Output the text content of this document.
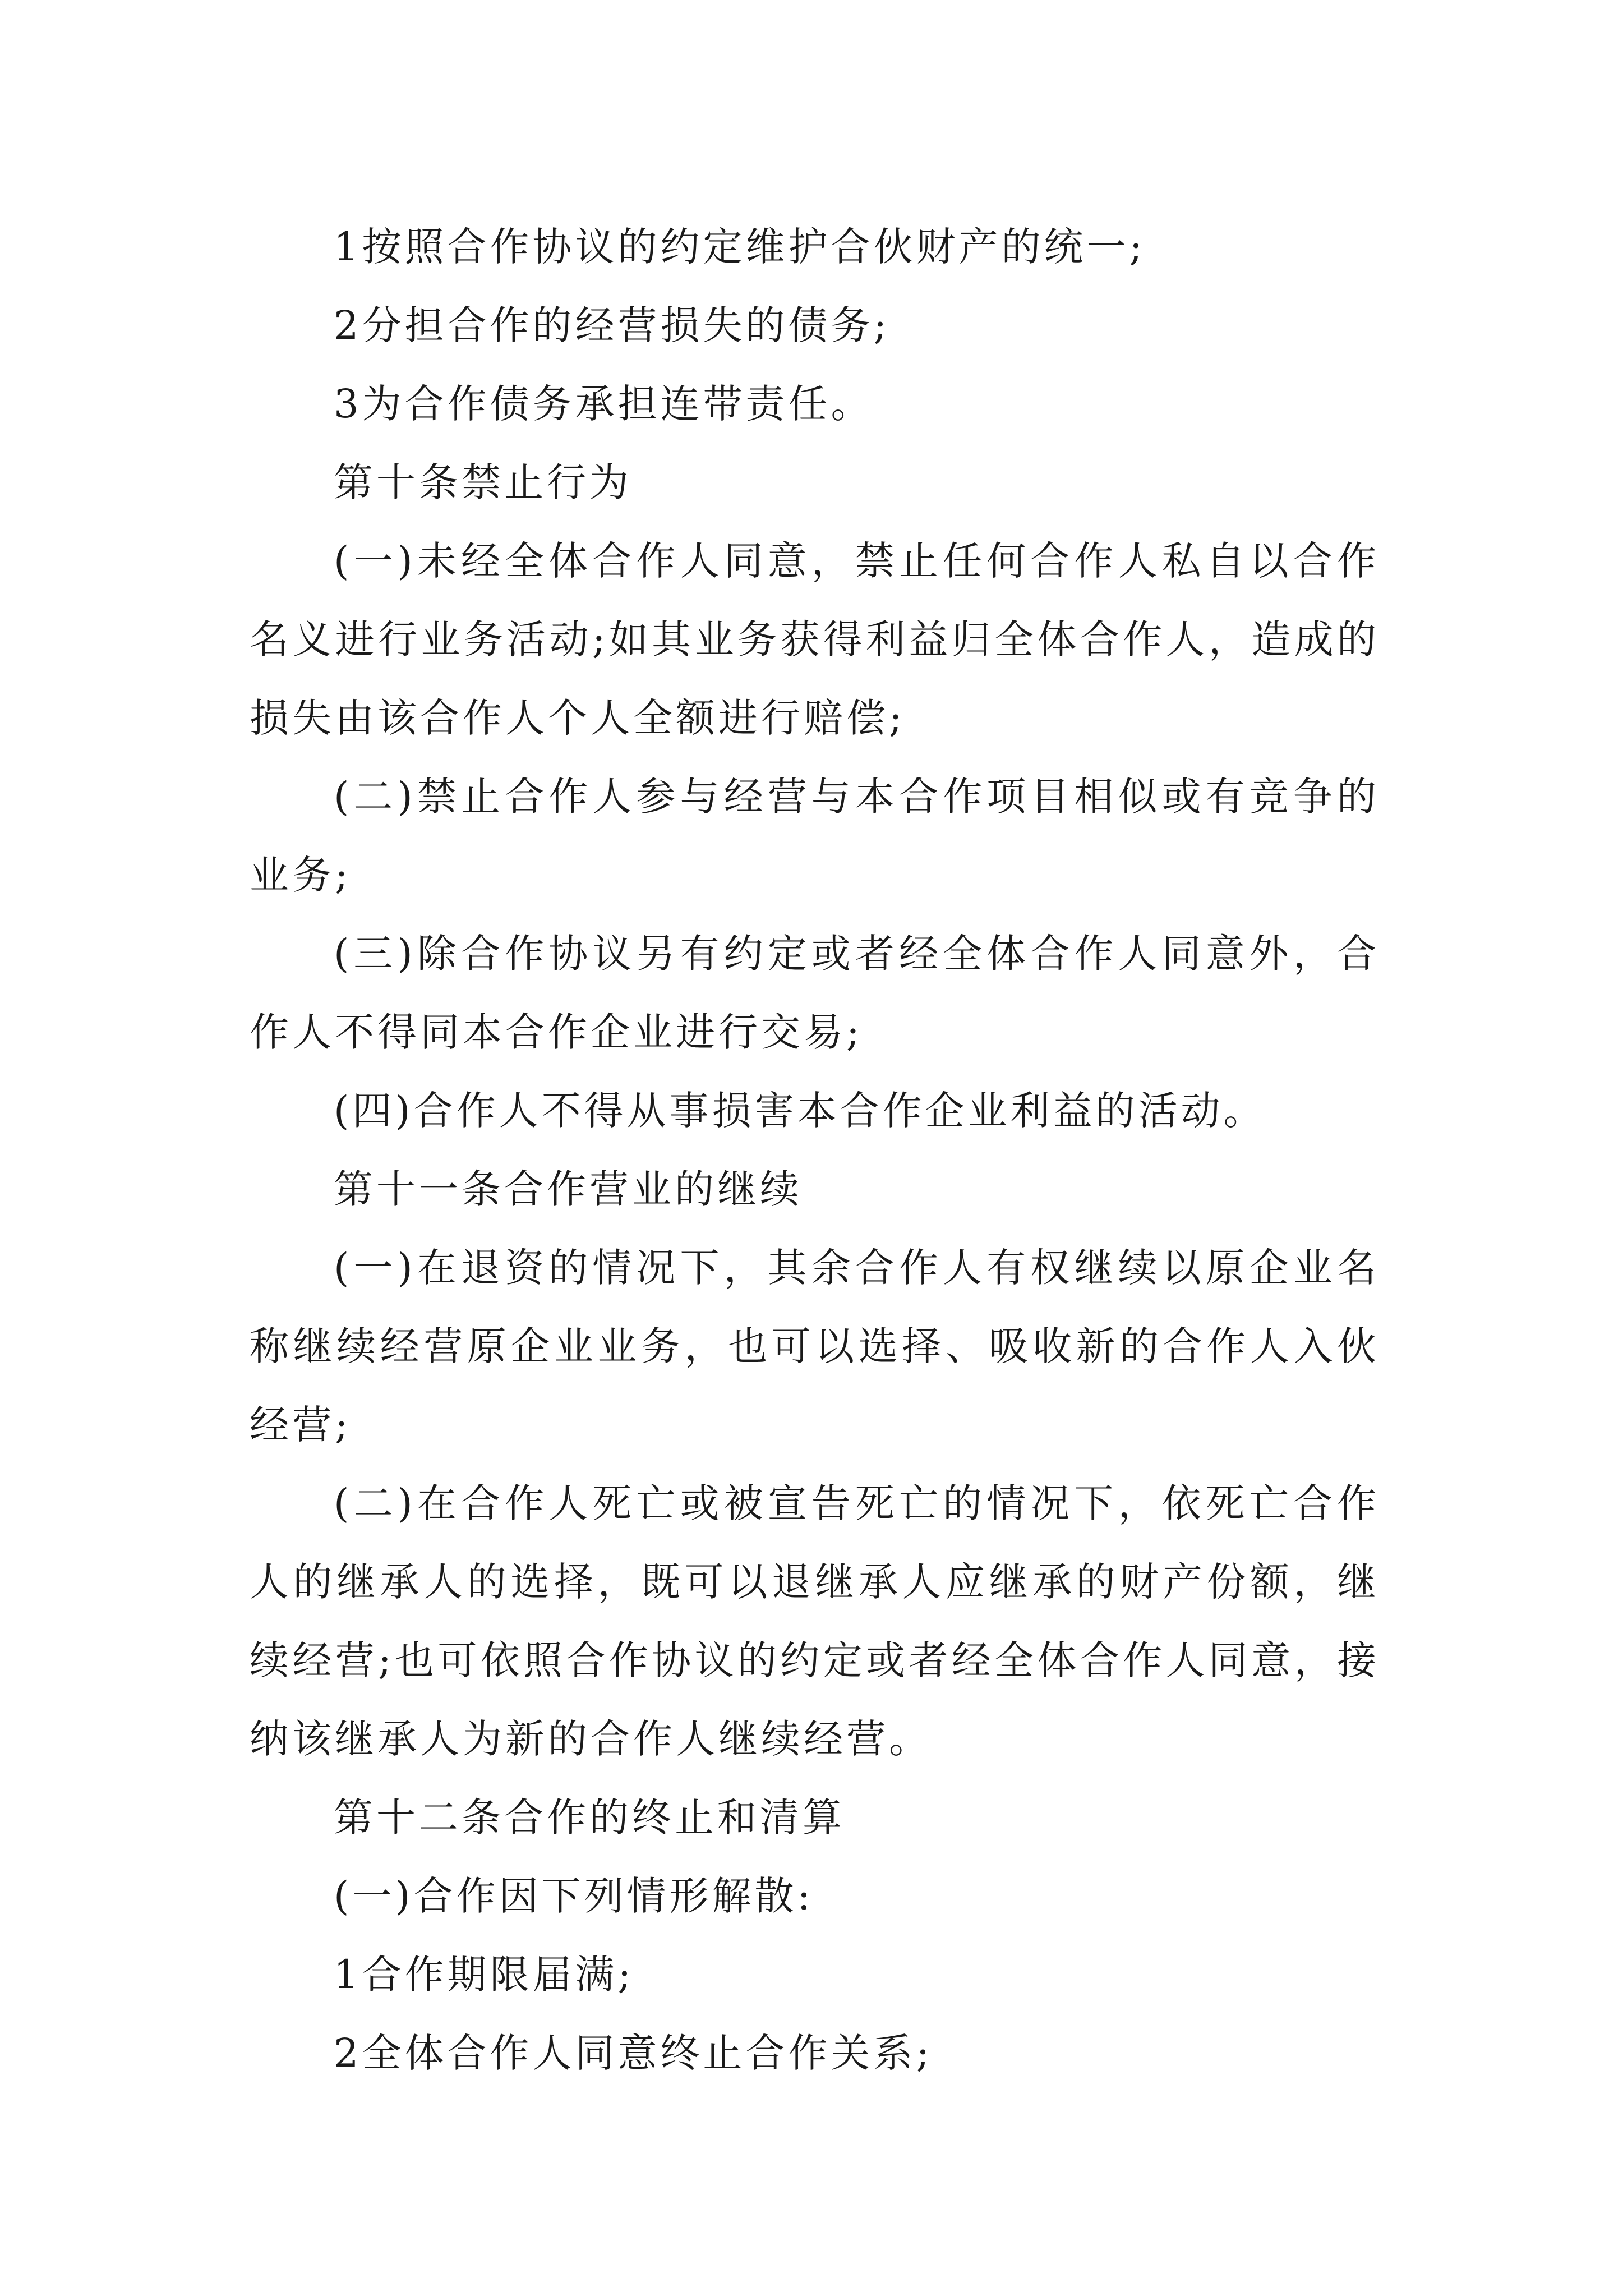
1按照合作协议的约定维护合伙财产的统一;

2分担合作的经营损失的债务;

3为合作债务承担连带责任。

第十条禁止行为

(一)未经全体合作人同意，禁止任何合作人私自以合作名义进行业务活动;如其业务获得利益归全体合作人，造成的损失由该合作人个人全额进行赔偿;

(二)禁止合作人参与经营与本合作项目相似或有竞争的业务;

(三)除合作协议另有约定或者经全体合作人同意外，合作人不得同本合作企业进行交易;

(四)合作人不得从事损害本合作企业利益的活动。

第十一条合作营业的继续

(一)在退资的情况下，其余合作人有权继续以原企业名称继续经营原企业业务，也可以选择、吸收新的合作人入伙经营;

(二)在合作人死亡或被宣告死亡的情况下，依死亡合作人的继承人的选择，既可以退继承人应继承的财产份额，继续经营;也可依照合作协议的约定或者经全体合作人同意，接纳该继承人为新的合作人继续经营。

第十二条合作的终止和清算

(一)合作因下列情形解散:

1合作期限届满;

2全体合作人同意终止合作关系;
